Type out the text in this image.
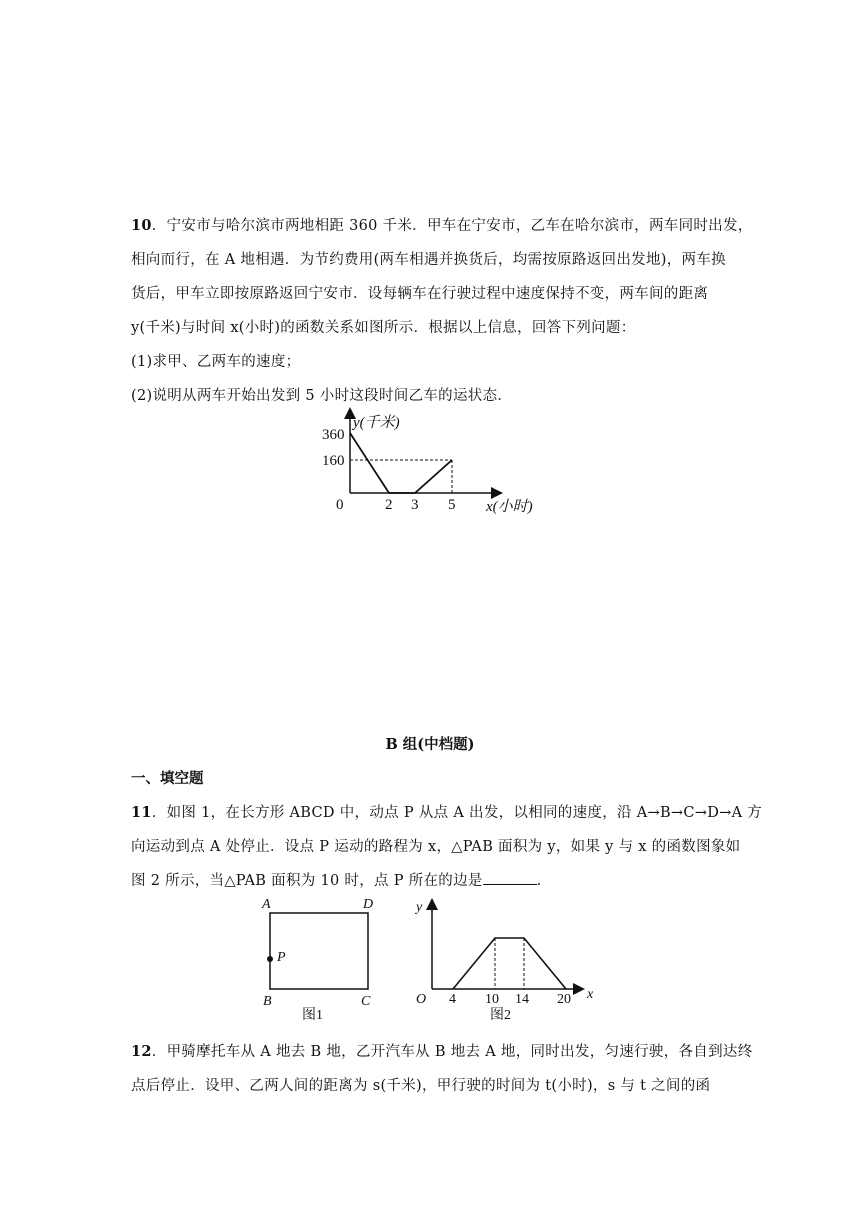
10．宁安市与哈尔滨市两地相距 360 千米．甲车在宁安市，乙车在哈尔滨市，两车同时出发，
相向而行，在 A 地相遇．为节约费用(两车相遇并换货后，均需按原路返回出发地)，两车换
货后，甲车立即按原路返回宁安市．设每辆车在行驶过程中速度保持不变，两车间的距离
y(千米)与时间 x(小时)的函数关系如图所示．根据以上信息，回答下列问题：
(1)求甲、乙两车的速度；
(2)说明从两车开始出发到 5 小时这段时间乙车的运状态．
y(千米)
360
160
0	2 3 5 x(小时)
B 组(中档题)
一、填空题
11．如图 1，在长方形 ABCD 中，动点 P 从点 A 出发，以相同的速度，沿 A→B→C→D→A 方
向运动到点 A 处停止．设点 P 运动的路程为 x，△PAB 面积为 y，如果 y 与 x 的函数图象如
图 2 所示，当△PAB 面积为 10 时，点 P 所在的边是	．
A	D
P
B	C
图1
y
O 4 10 14 20 x
图2
12．甲骑摩托车从 A 地去 B 地，乙开汽车从 B 地去 A 地，同时出发，匀速行驶，各自到达终
点后停止．设甲、乙两人间的距离为 s(千米)，甲行驶的时间为 t(小时)，s 与 t 之间的函
